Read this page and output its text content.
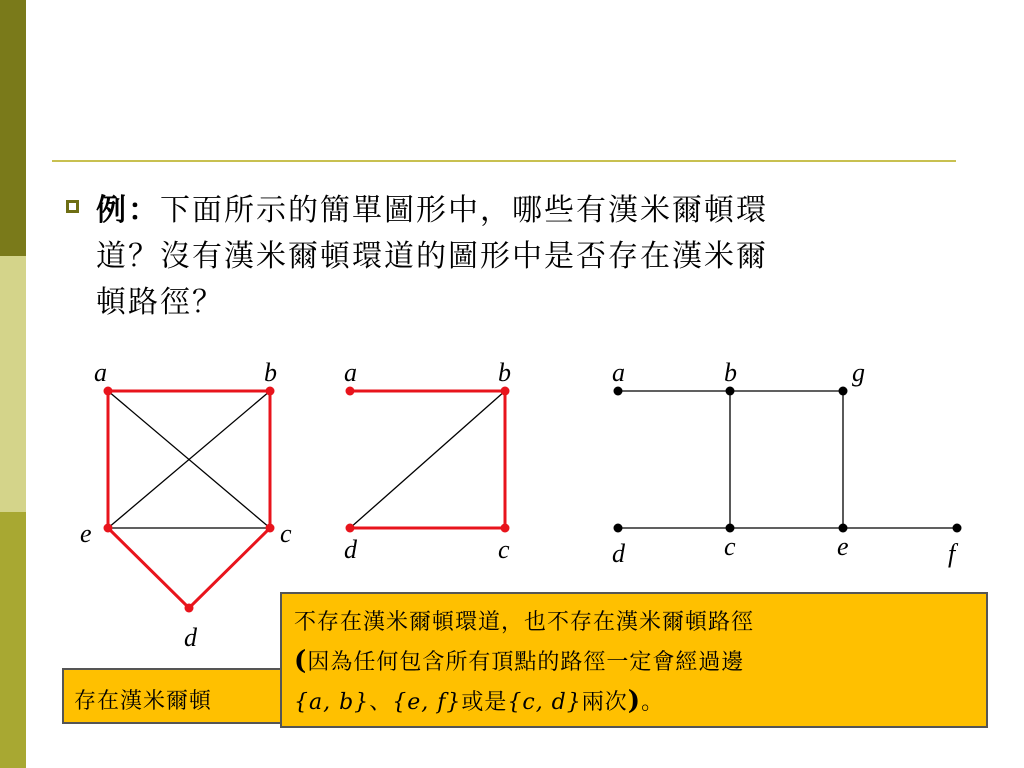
例：下面所示的簡單圖形中，哪些有漢米爾頓環
道？沒有漢米爾頓環道的圖形中是否存在漢米爾
頓路徑？
a	b
c
d
e
a	b
c
d
a	b	g
d	c	e	f
存在漢米爾頓
不存在漢米爾頓環道，也不存在漢米爾頓路徑
(因為任何包含所有頂點的路徑一定會經過邊
{a, b}、{e, f}或是{c, d}兩次)。
